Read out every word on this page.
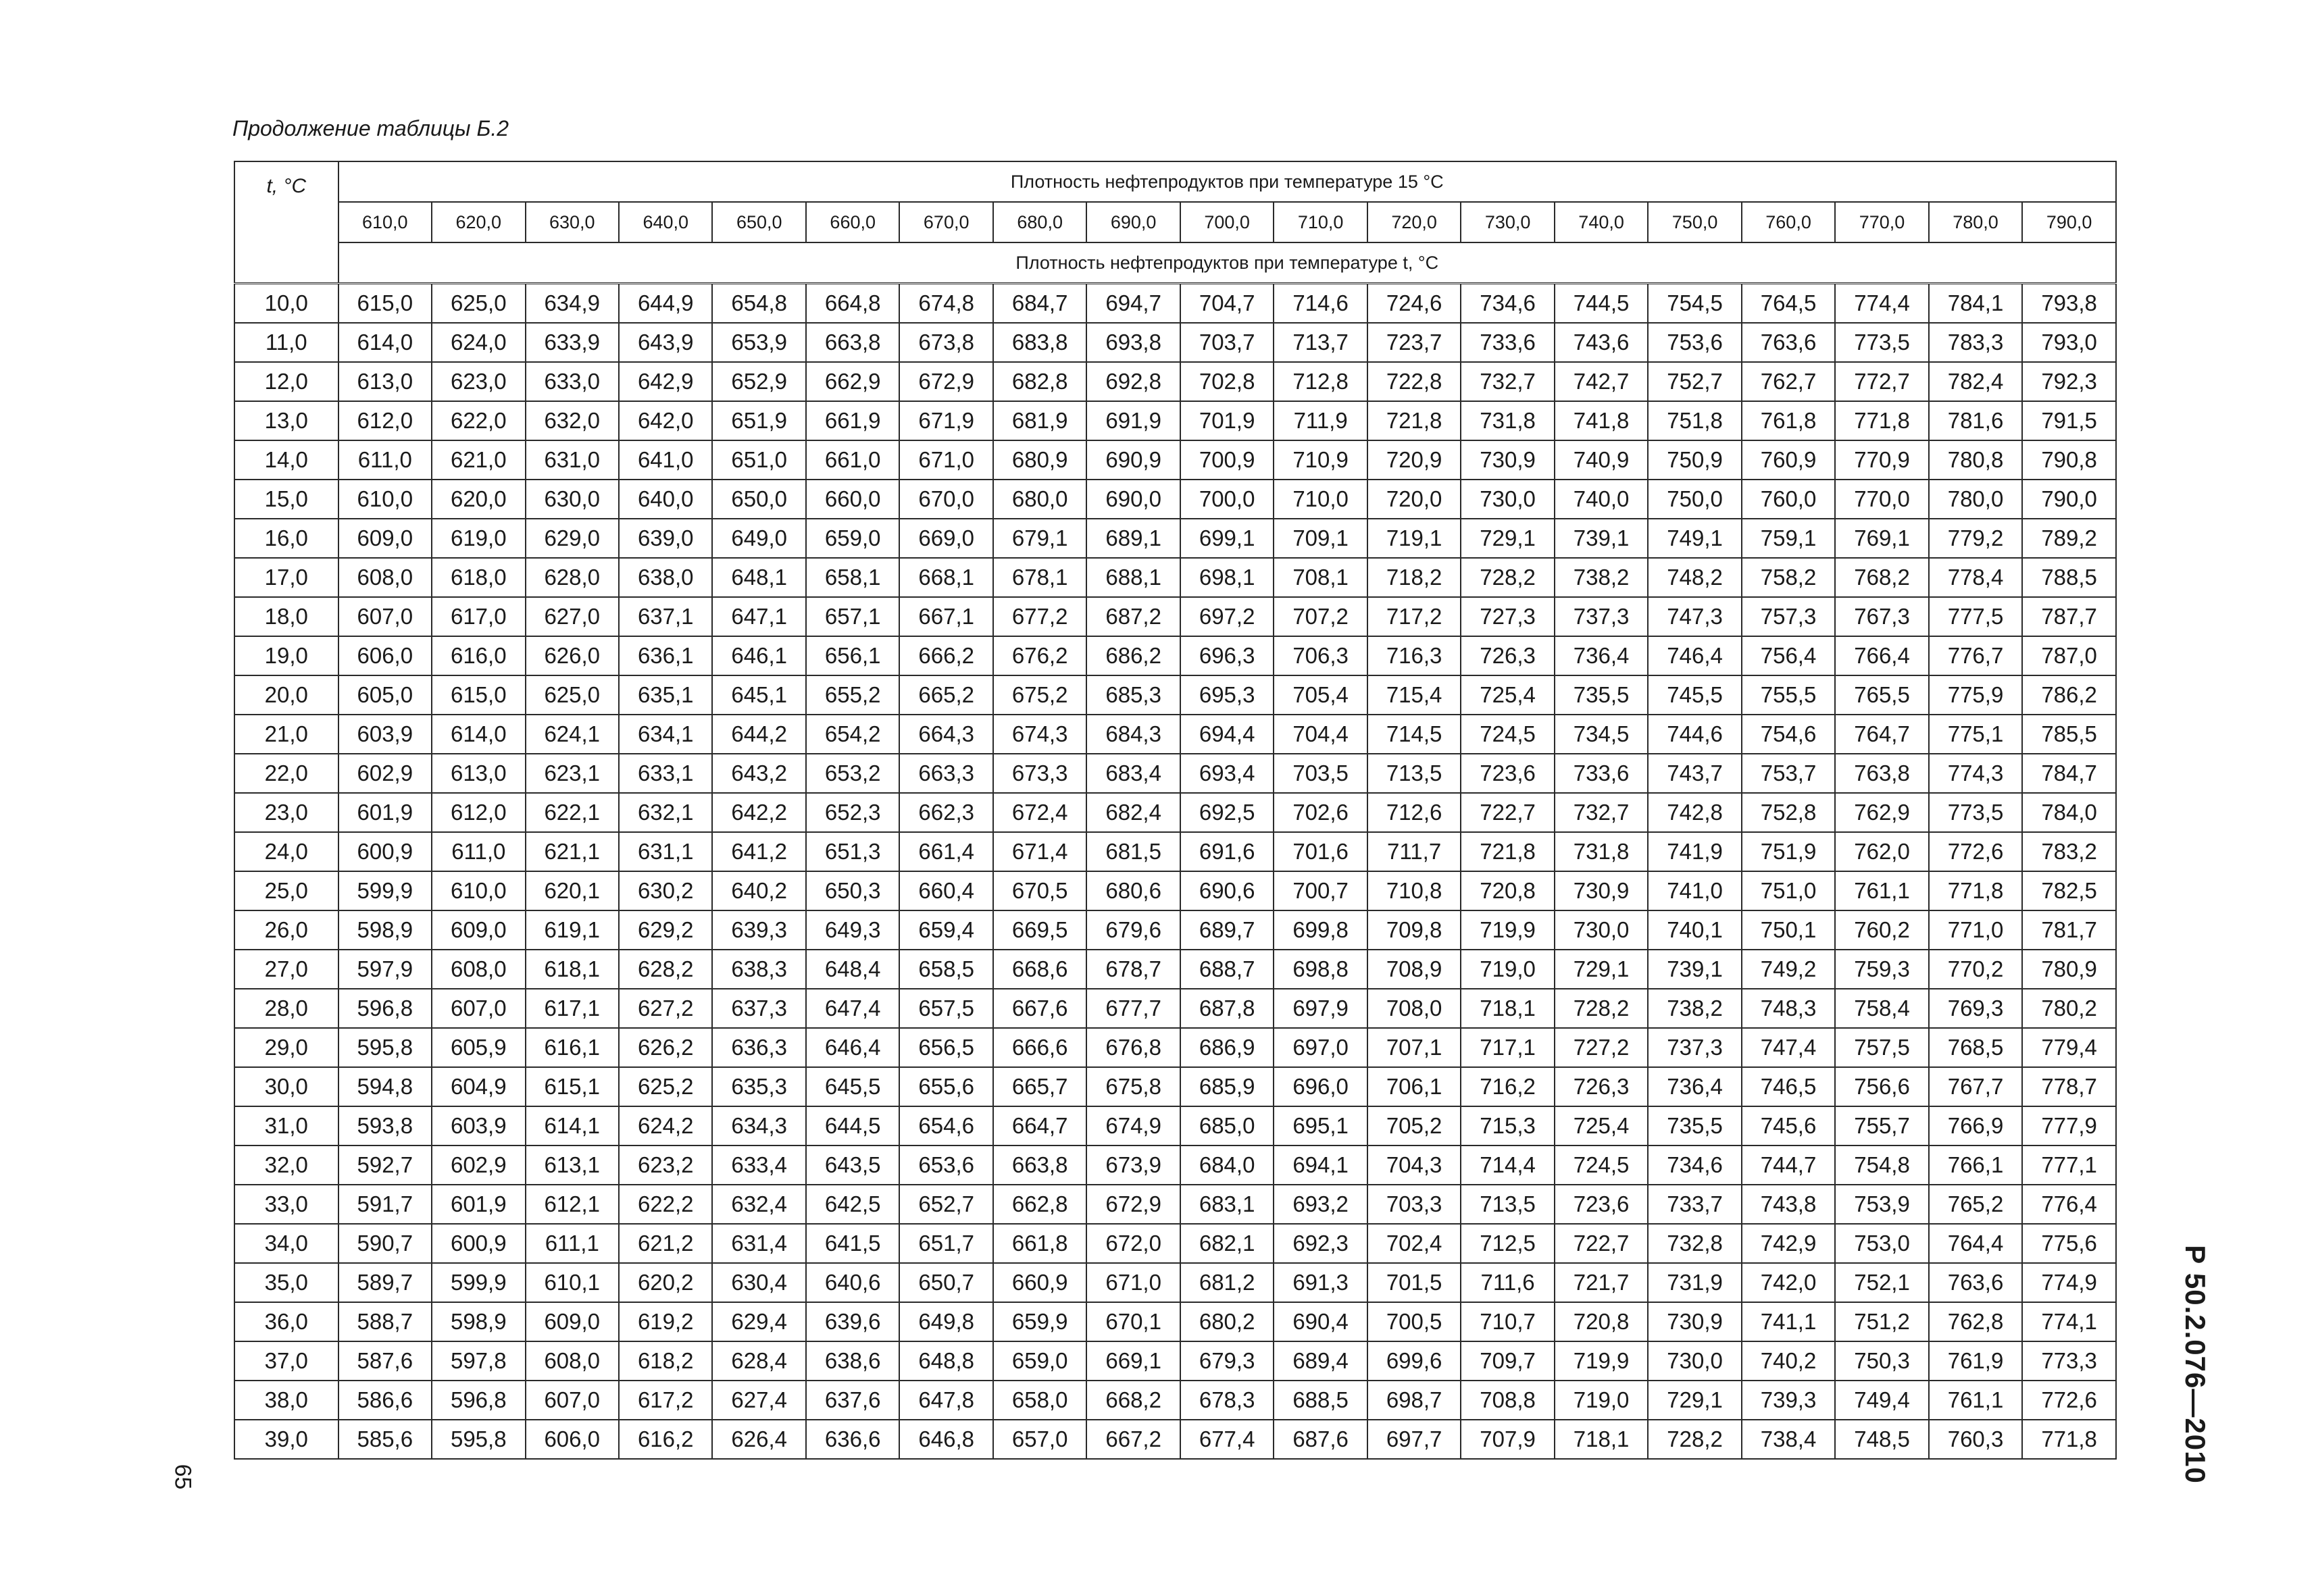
Продолжение таблицы Б.2
t, °C	Плотность нефтепродуктов при температуре 15 °С																		
	610,0	620,0	630,0	640,0	650,0	660,0	670,0	680,0	690,0	700,0	710,0	720,0	730,0	740,0	750,0	760,0	770,0	780,0	790,0
	Плотность нефтепродуктов при температуре t, °С																		
10,0	615,0	625,0	634,9	644,9	654,8	664,8	674,8	684,7	694,7	704,7	714,6	724,6	734,6	744,5	754,5	764,5	774,4	784,1	793,8
11,0	614,0	624,0	633,9	643,9	653,9	663,8	673,8	683,8	693,8	703,7	713,7	723,7	733,6	743,6	753,6	763,6	773,5	783,3	793,0
12,0	613,0	623,0	633,0	642,9	652,9	662,9	672,9	682,8	692,8	702,8	712,8	722,8	732,7	742,7	752,7	762,7	772,7	782,4	792,3
13,0	612,0	622,0	632,0	642,0	651,9	661,9	671,9	681,9	691,9	701,9	711,9	721,8	731,8	741,8	751,8	761,8	771,8	781,6	791,5
14,0	611,0	621,0	631,0	641,0	651,0	661,0	671,0	680,9	690,9	700,9	710,9	720,9	730,9	740,9	750,9	760,9	770,9	780,8	790,8
15,0	610,0	620,0	630,0	640,0	650,0	660,0	670,0	680,0	690,0	700,0	710,0	720,0	730,0	740,0	750,0	760,0	770,0	780,0	790,0
16,0	609,0	619,0	629,0	639,0	649,0	659,0	669,0	679,1	689,1	699,1	709,1	719,1	729,1	739,1	749,1	759,1	769,1	779,2	789,2
17,0	608,0	618,0	628,0	638,0	648,1	658,1	668,1	678,1	688,1	698,1	708,1	718,2	728,2	738,2	748,2	758,2	768,2	778,4	788,5
18,0	607,0	617,0	627,0	637,1	647,1	657,1	667,1	677,2	687,2	697,2	707,2	717,2	727,3	737,3	747,3	757,3	767,3	777,5	787,7
19,0	606,0	616,0	626,0	636,1	646,1	656,1	666,2	676,2	686,2	696,3	706,3	716,3	726,3	736,4	746,4	756,4	766,4	776,7	787,0
20,0	605,0	615,0	625,0	635,1	645,1	655,2	665,2	675,2	685,3	695,3	705,4	715,4	725,4	735,5	745,5	755,5	765,5	775,9	786,2
21,0	603,9	614,0	624,1	634,1	644,2	654,2	664,3	674,3	684,3	694,4	704,4	714,5	724,5	734,5	744,6	754,6	764,7	775,1	785,5
22,0	602,9	613,0	623,1	633,1	643,2	653,2	663,3	673,3	683,4	693,4	703,5	713,5	723,6	733,6	743,7	753,7	763,8	774,3	784,7
23,0	601,9	612,0	622,1	632,1	642,2	652,3	662,3	672,4	682,4	692,5	702,6	712,6	722,7	732,7	742,8	752,8	762,9	773,5	784,0
24,0	600,9	611,0	621,1	631,1	641,2	651,3	661,4	671,4	681,5	691,6	701,6	711,7	721,8	731,8	741,9	751,9	762,0	772,6	783,2
25,0	599,9	610,0	620,1	630,2	640,2	650,3	660,4	670,5	680,6	690,6	700,7	710,8	720,8	730,9	741,0	751,0	761,1	771,8	782,5
26,0	598,9	609,0	619,1	629,2	639,3	649,3	659,4	669,5	679,6	689,7	699,8	709,8	719,9	730,0	740,1	750,1	760,2	771,0	781,7
27,0	597,9	608,0	618,1	628,2	638,3	648,4	658,5	668,6	678,7	688,7	698,8	708,9	719,0	729,1	739,1	749,2	759,3	770,2	780,9
28,0	596,8	607,0	617,1	627,2	637,3	647,4	657,5	667,6	677,7	687,8	697,9	708,0	718,1	728,2	738,2	748,3	758,4	769,3	780,2
29,0	595,8	605,9	616,1	626,2	636,3	646,4	656,5	666,6	676,8	686,9	697,0	707,1	717,1	727,2	737,3	747,4	757,5	768,5	779,4
30,0	594,8	604,9	615,1	625,2	635,3	645,5	655,6	665,7	675,8	685,9	696,0	706,1	716,2	726,3	736,4	746,5	756,6	767,7	778,7
31,0	593,8	603,9	614,1	624,2	634,3	644,5	654,6	664,7	674,9	685,0	695,1	705,2	715,3	725,4	735,5	745,6	755,7	766,9	777,9
32,0	592,7	602,9	613,1	623,2	633,4	643,5	653,6	663,8	673,9	684,0	694,1	704,3	714,4	724,5	734,6	744,7	754,8	766,1	777,1
33,0	591,7	601,9	612,1	622,2	632,4	642,5	652,7	662,8	672,9	683,1	693,2	703,3	713,5	723,6	733,7	743,8	753,9	765,2	776,4
34,0	590,7	600,9	611,1	621,2	631,4	641,5	651,7	661,8	672,0	682,1	692,3	702,4	712,5	722,7	732,8	742,9	753,0	764,4	775,6
35,0	589,7	599,9	610,1	620,2	630,4	640,6	650,7	660,9	671,0	681,2	691,3	701,5	711,6	721,7	731,9	742,0	752,1	763,6	774,9
36,0	588,7	598,9	609,0	619,2	629,4	639,6	649,8	659,9	670,1	680,2	690,4	700,5	710,7	720,8	730,9	741,1	751,2	762,8	774,1
37,0	587,6	597,8	608,0	618,2	628,4	638,6	648,8	659,0	669,1	679,3	689,4	699,6	709,7	719,9	730,0	740,2	750,3	761,9	773,3
38,0	586,6	596,8	607,0	617,2	627,4	637,6	647,8	658,0	668,2	678,3	688,5	698,7	708,8	719,0	729,1	739,3	749,4	761,1	772,6
39,0	585,6	595,8	606,0	616,2	626,4	636,6	646,8	657,0	667,2	677,4	687,6	697,7	707,9	718,1	728,2	738,4	748,5	760,3	771,8	Р 50.2.076—2010
65
